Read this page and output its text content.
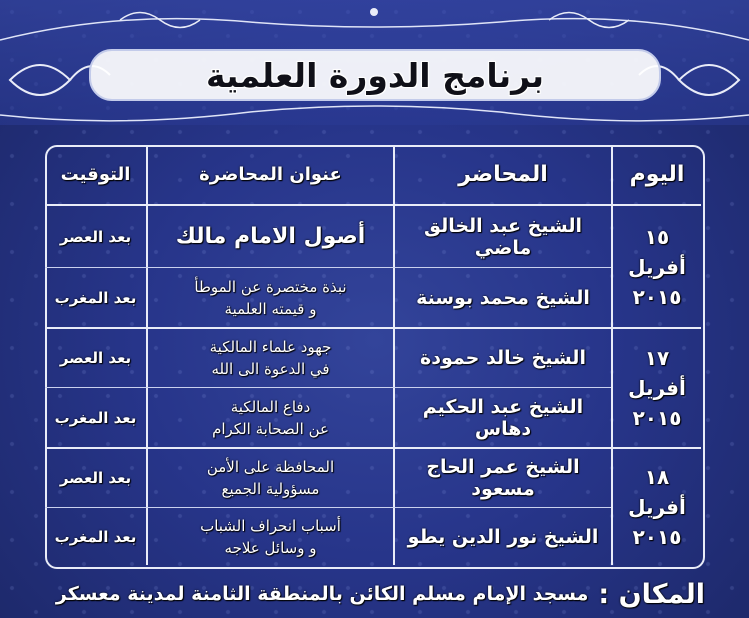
برنامج الدورة العلمية
اليوم
المحاضر
عنوان المحاضرة
التوقيت
١٥
أفريل
٢٠١٥
١٧
أفريل
٢٠١٥
١٨
أفريل
٢٠١٥
الشيخ عبد الخالق ماضي
أصول الامام مالك
بعد العصر
الشيخ محمد بوسنة
نبذة مختصرة عن الموطأ
و قيمته العلمية
بعد المغرب
الشيخ خالد حمودة
جهود علماء المالكية
في الدعوة الى الله
بعد العصر
الشيخ عبد الحكيم دهاس
دفاع المالكية
عن الصحابة الكرام
بعد المغرب
الشيخ عمر الحاج مسعود
المحافظة على الأمن
مسؤولية الجميع
بعد العصر
الشيخ نور الدين يطو
أسباب انحراف الشباب
و وسائل علاجه
بعد المغرب
المكان :
مسجد الإمام مسلم الكائن بالمنطقة الثامنة لمدينة معسكر
